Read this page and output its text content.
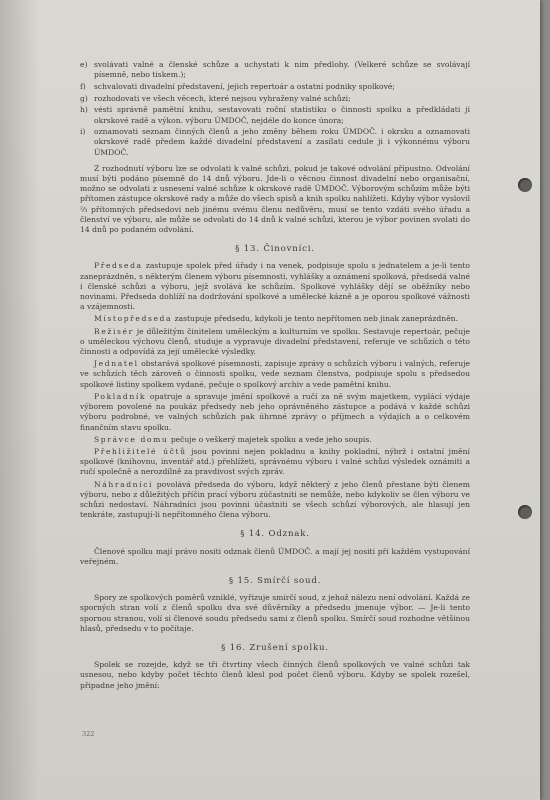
e) svolávati valné a členské schůze a uchystati k nim předlohy. (Velkeré schůze se svolávají písemně, nebo tiskem.);
f)	schvalovati divadelní představení, jejich repertoár a ostatní podniky spolkové;
g) rozhodovati ve všech věcech, které nejsou vyhraženy valné schůzi;
h) vésti správně pamětní knihu, sestavovati roční statistiku o činnosti spolku a předkládati ji okrskové radě a výkon. výboru ÚMDOČ, nejdéle do konce února;
i)	oznamovati seznam činných členů a jeho změny během roku ÚMDOČ. i okrsku a oznamovati okrskové radě předem každé divadelní představení a zasílati cedule ji i výkonnému výboru ÚMDOČ.

Z rozhodnutí výboru lze se odvolati k valné schůzi, pokud je takové odvolání přípustno. Odvolání musí býti podáno písemně do 14 dnů výboru. Jde-li o věcnou činnost divadelní nebo organisační, možno se odvolati z usnesení valné schůze k okrskové radě ÚMDOČ. Výborovým schůzím může býti přítomen zástupce okrskové rady a může do všech spisů a knih spolku nahlížeti. Kdyby výbor vyslovil ⅔ přítomných předsedovi neb jinému svému členu nedůvěru, musí se tento vzdáti svého úřadu a členství ve výboru, ale může se odvolati do 14 dnů k valné schůzi, kterou je výbor povinen svolati do 14 dnů po podaném odvolání.

§ 13. Činovníci.

Předseda zastupuje spolek před úřady i na venek, podpisuje spolu s jednatelem a je-li tento zaneprázdněn, s některým členem výboru písemnosti, vyhlášky a oznámení spolková, předsedá valné i členské schůzi a výboru, jejž svolává ke schůzím. Spolkové vyhlášky dějí se oběžníky nebo novinami. Předseda dohlíží na dodržování spolkové a umělecké kázně a je oporou spolkové vážnosti a vzájemnosti.

Místopředseda zastupuje předsedu, kdykoli je tento nepřítomen neb jinak zaneprázdněn.

Režisér je důležitým činitelem uměleckým a kulturním ve spolku. Sestavuje repertoár, pečuje o uměleckou výchovu členů, studuje a vypravuje divadelní představení, referuje ve schůzích o této činnosti a odpovídá za její umělecké výsledky.

Jednatel obstarává spolkové písemnosti, zapisuje zprávy o schůzích výboru i valných, referuje ve schůzích těch zároveň o činnosti spolku, vede seznam členstva, podpisuje spolu s předsedou spolkové listiny spolkem vydané, pečuje o spolkový archiv a vede pamětní knihu.

Pokladník opatruje a spravuje jmění spolkové a ručí za ně svým majetkem, vyplácí výdaje výborem povolené na poukáz předsedy neb jeho oprávněného zástupce a podává v každé schůzi výboru podrobné, ve valných schůzích pak úhrnné zprávy o příjmech a výdajích a o celkovém finančním stavu spolku.

Správce domu pečuje o veškerý majetek spolku a vede jeho soupis.

Přehližitelé účtů jsou povinni nejen pokladnu a knihy pokladní, nýbrž i ostatní jmění spolkové (knihovnu, inventář atd.) přehlížeti, správnému výboru i valné schůzi výsledek oznámiti a ručí společně a nerozdílně za pravdivost svých zpráv.

Náhradníci povolává předseda do výboru, když některý z jeho členů přestane býti členem výboru, nebo z důležitých příčin prací výboru zúčastniti se nemůže, nebo kdykoliv se člen výboru ve schůzi nedostaví. Náhradníci jsou povinni účastniti se všech schůzí výborových, ale hlasují jen tenkráte, zastupují-li nepřítomného člena výboru.

§ 14. Odznak.

Členové spolku mají právo nositi odznak členů ÚMDOČ. a mají jej nositi při každém vystupování veřejném.

§ 15. Smírčí soud.

Spory ze spolkových poměrů vzniklé, vyřizuje smírčí soud, z jehož nálezu není odvolání. Každá ze sporných stran volí z členů spolku dva své důvěrníky a předsedu jmenuje výbor. — Je-li tento spornou stranou, volí si členové soudu předsedu sami z členů spolku. Smírčí soud rozhodne většinou hlasů, předsedu v to počítaje.

§ 16. Zrušení spolku.

Spolek se rozejde, když se tři čtvrtiny všech činných členů spolkových ve valné schůzi tak usnesou, nebo kdyby počet těchto členů klesl pod počet členů výboru. Kdyby se spolek rozešel, připadne jeho jmění:

322
